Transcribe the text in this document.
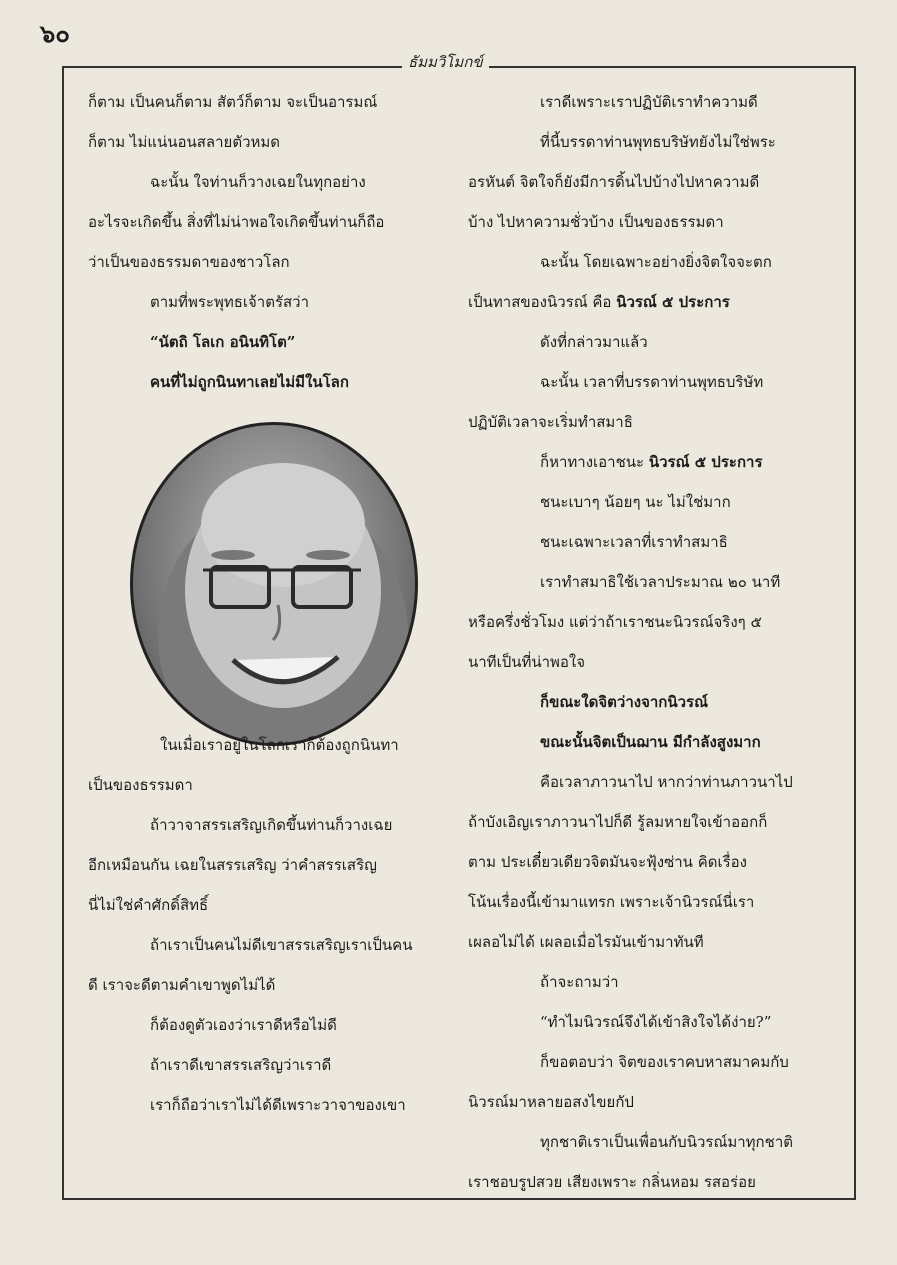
๖๐
ธัมมวิโมกข์

ก็ตาม เป็นคนก็ตาม สัตว์ก็ตาม จะเป็นอารมณ์

ก็ตาม ไม่แน่นอนสลายตัวหมด

ฉะนั้น ใจท่านก็วางเฉยในทุกอย่าง

อะไรจะเกิดขึ้น สิ่งที่ไม่น่าพอใจเกิดขึ้นท่านก็ถือ

ว่าเป็นของธรรมดาของชาวโลก

ตามที่พระพุทธเจ้าตรัสว่า

“นัตถิ โลเก อนินทิโต”

คนที่ไม่ถูกนินทาเลยไม่มีในโลก

ในเมื่อเราอยู่ในโลกเราก็ต้องถูกนินทา

เป็นของธรรมดา

ถ้าวาจาสรรเสริญเกิดขึ้นท่านก็วางเฉย

อีกเหมือนกัน เฉยในสรรเสริญ ว่าคำสรรเสริญ

นี่ไม่ใช่คำศักดิ์สิทธิ์

ถ้าเราเป็นคนไม่ดีเขาสรรเสริญเราเป็นคน

ดี เราจะดีตามคำเขาพูดไม่ได้

ก็ต้องดูตัวเองว่าเราดีหรือไม่ดี

ถ้าเราดีเขาสรรเสริญว่าเราดี

เราก็ถือว่าเราไม่ได้ดีเพราะวาจาของเขา

เราดีเพราะเราปฏิบัติเราทำความดี

ที่นี้บรรดาท่านพุทธบริษัทยังไม่ใช่พระ

อรหันต์ จิตใจก็ยังมีการดิ้นไปบ้างไปหาความดี

บ้าง ไปหาความชั่วบ้าง เป็นของธรรมดา

ฉะนั้น โดยเฉพาะอย่างยิ่งจิตใจจะตก

เป็นทาสของนิวรณ์ คือ นิวรณ์ ๕ ประการ

ดังที่กล่าวมาแล้ว

ฉะนั้น เวลาที่บรรดาท่านพุทธบริษัท

ปฏิบัติเวลาจะเริ่มทำสมาธิ

ก็หาทางเอาชนะ นิวรณ์ ๕ ประการ

ชนะเบาๆ น้อยๆ นะ ไม่ใช่มาก

ชนะเฉพาะเวลาที่เราทำสมาธิ

เราทำสมาธิใช้เวลาประมาณ ๒๐ นาที

หรือครึ่งชั่วโมง แต่ว่าถ้าเราชนะนิวรณ์จริงๆ ๕

นาทีเป็นที่น่าพอใจ

ก็ขณะใดจิตว่างจากนิวรณ์

ขณะนั้นจิตเป็นฌาน มีกำลังสูงมาก

คือเวลาภาวนาไป หากว่าท่านภาวนาไป

ถ้าบังเอิญเราภาวนาไปก็ดี รู้ลมหายใจเข้าออกก็

ตาม ประเดี๋ยวเดียวจิตมันจะฟุ้งซ่าน คิดเรื่อง

โน้นเรื่องนี้เข้ามาแทรก เพราะเจ้านิวรณ์นี่เรา

เผลอไม่ได้ เผลอเมื่อไรมันเข้ามาทันที

ถ้าจะถามว่า

“ทำไมนิวรณ์จึงได้เข้าสิงใจได้ง่าย?”

ก็ขอตอบว่า จิตของเราคบหาสมาคมกับ

นิวรณ์มาหลายอสงไขยกัป

ทุกชาติเราเป็นเพื่อนกับนิวรณ์มาทุกชาติ

เราชอบรูปสวย เสียงเพราะ กลิ่นหอม รสอร่อย
